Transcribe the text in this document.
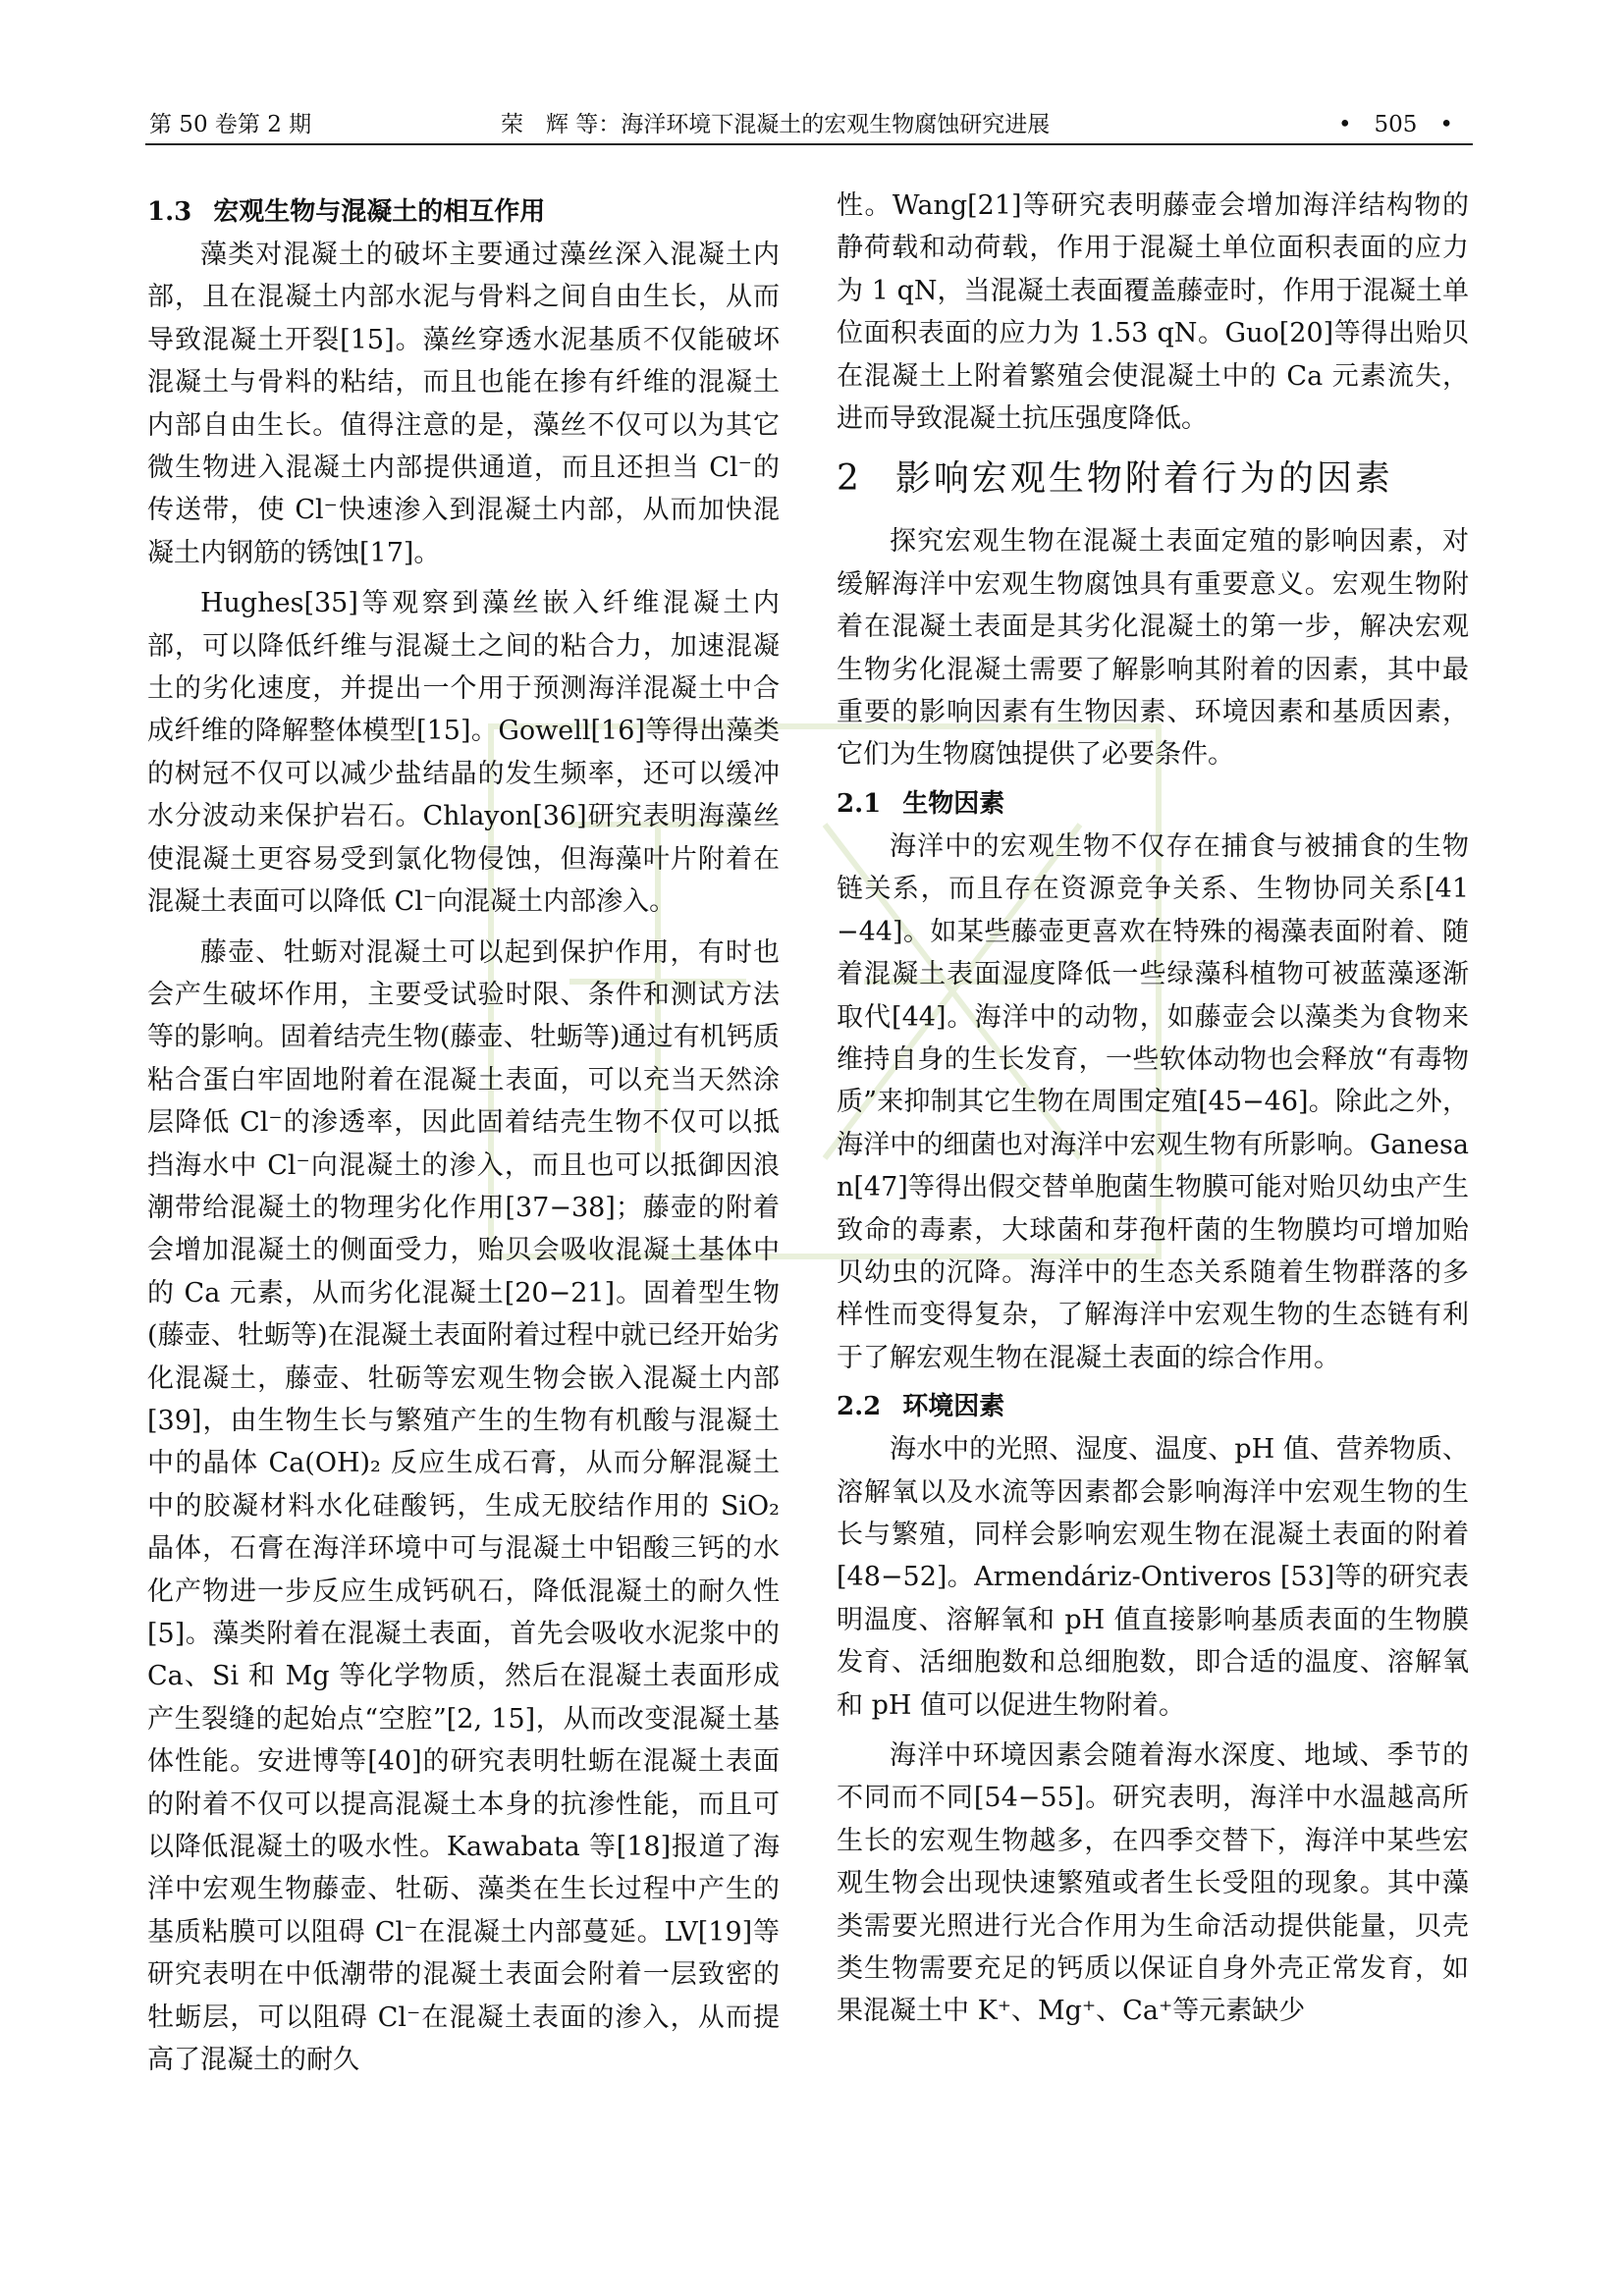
第 50 卷第 2 期	荣　辉 等：海洋环境下混凝土的宏观生物腐蚀研究进展	•　505　•
1.3 宏观生物与混凝土的相互作用

藻类对混凝土的破坏主要通过藻丝深入混凝土内部，且在混凝土内部水泥与骨料之间自由生长，从而导致混凝土开裂[15]。藻丝穿透水泥基质不仅能破坏混凝土与骨料的粘结，而且也能在掺有纤维的混凝土内部自由生长。值得注意的是，藻丝不仅可以为其它微生物进入混凝土内部提供通道，而且还担当 Cl⁻的传送带，使 Cl⁻快速渗入到混凝土内部，从而加快混凝土内钢筋的锈蚀[17]。

Hughes[35]等观察到藻丝嵌入纤维混凝土内部，可以降低纤维与混凝土之间的粘合力，加速混凝土的劣化速度，并提出一个用于预测海洋混凝土中合成纤维的降解整体模型[15]。Gowell[16]等得出藻类的树冠不仅可以减少盐结晶的发生频率，还可以缓冲水分波动来保护岩石。Chlayon[36]研究表明海藻丝使混凝土更容易受到氯化物侵蚀，但海藻叶片附着在混凝土表面可以降低 Cl⁻向混凝土内部渗入。

藤壶、牡蛎对混凝土可以起到保护作用，有时也会产生破坏作用，主要受试验时限、条件和测试方法等的影响。固着结壳生物(藤壶、牡蛎等)通过有机钙质粘合蛋白牢固地附着在混凝土表面，可以充当天然涂层降低 Cl⁻的渗透率，因此固着结壳生物不仅可以抵挡海水中 Cl⁻向混凝土的渗入，而且也可以抵御因浪潮带给混凝土的物理劣化作用[37−38]；藤壶的附着会增加混凝土的侧面受力，贻贝会吸收混凝土基体中的 Ca 元素，从而劣化混凝土[20−21]。固着型生物(藤壶、牡蛎等)在混凝土表面附着过程中就已经开始劣化混凝土，藤壶、牡砺等宏观生物会嵌入混凝土内部[39]，由生物生长与繁殖产生的生物有机酸与混凝土中的晶体 Ca(OH)₂ 反应生成石膏，从而分解混凝土中的胶凝材料水化硅酸钙，生成无胶结作用的 SiO₂ 晶体，石膏在海洋环境中可与混凝土中铝酸三钙的水化产物进一步反应生成钙矾石，降低混凝土的耐久性[5]。藻类附着在混凝土表面，首先会吸收水泥浆中的 Ca、Si 和 Mg 等化学物质，然后在混凝土表面形成产生裂缝的起始点“空腔”[2, 15]，从而改变混凝土基体性能。安进博等[40]的研究表明牡蛎在混凝土表面的附着不仅可以提高混凝土本身的抗渗性能，而且可以降低混凝土的吸水性。Kawabata 等[18]报道了海洋中宏观生物藤壶、牡砺、藻类在生长过程中产生的基质粘膜可以阻碍 Cl⁻在混凝土内部蔓延。LV[19]等研究表明在中低潮带的混凝土表面会附着一层致密的牡蛎层，可以阻碍 Cl⁻在混凝土表面的渗入，从而提高了混凝土的耐久

性。Wang[21]等研究表明藤壶会增加海洋结构物的静荷载和动荷载，作用于混凝土单位面积表面的应力为 1 qN，当混凝土表面覆盖藤壶时，作用于混凝土单位面积表面的应力为 1.53 qN。Guo[20]等得出贻贝在混凝土上附着繁殖会使混凝土中的 Ca 元素流失，进而导致混凝土抗压强度降低。

2 影响宏观生物附着行为的因素

探究宏观生物在混凝土表面定殖的影响因素，对缓解海洋中宏观生物腐蚀具有重要意义。宏观生物附着在混凝土表面是其劣化混凝土的第一步，解决宏观生物劣化混凝土需要了解影响其附着的因素，其中最重要的影响因素有生物因素、环境因素和基质因素，它们为生物腐蚀提供了必要条件。

2.1 生物因素

海洋中的宏观生物不仅存在捕食与被捕食的生物链关系，而且存在资源竞争关系、生物协同关系[41−44]。如某些藤壶更喜欢在特殊的褐藻表面附着、随着混凝土表面湿度降低一些绿藻科植物可被蓝藻逐渐取代[44]。海洋中的动物，如藤壶会以藻类为食物来维持自身的生长发育，一些软体动物也会释放“有毒物质”来抑制其它生物在周围定殖[45−46]。除此之外，海洋中的细菌也对海洋中宏观生物有所影响。Ganesan[47]等得出假交替单胞菌生物膜可能对贻贝幼虫产生致命的毒素，大球菌和芽孢杆菌的生物膜均可增加贻贝幼虫的沉降。海洋中的生态关系随着生物群落的多样性而变得复杂，了解海洋中宏观生物的生态链有利于了解宏观生物在混凝土表面的综合作用。

2.2 环境因素

海水中的光照、湿度、温度、pH 值、营养物质、溶解氧以及水流等因素都会影响海洋中宏观生物的生长与繁殖，同样会影响宏观生物在混凝土表面的附着[48−52]。Armendáriz-Ontiveros [53]等的研究表明温度、溶解氧和 pH 值直接影响基质表面的生物膜发育、活细胞数和总细胞数，即合适的温度、溶解氧和 pH 值可以促进生物附着。

海洋中环境因素会随着海水深度、地域、季节的不同而不同[54−55]。研究表明，海洋中水温越高所生长的宏观生物越多，在四季交替下，海洋中某些宏观生物会出现快速繁殖或者生长受阻的现象。其中藻类需要光照进行光合作用为生命活动提供能量，贝壳类生物需要充足的钙质以保证自身外壳正常发育，如果混凝土中 K⁺、Mg⁺、Ca⁺等元素缺少
